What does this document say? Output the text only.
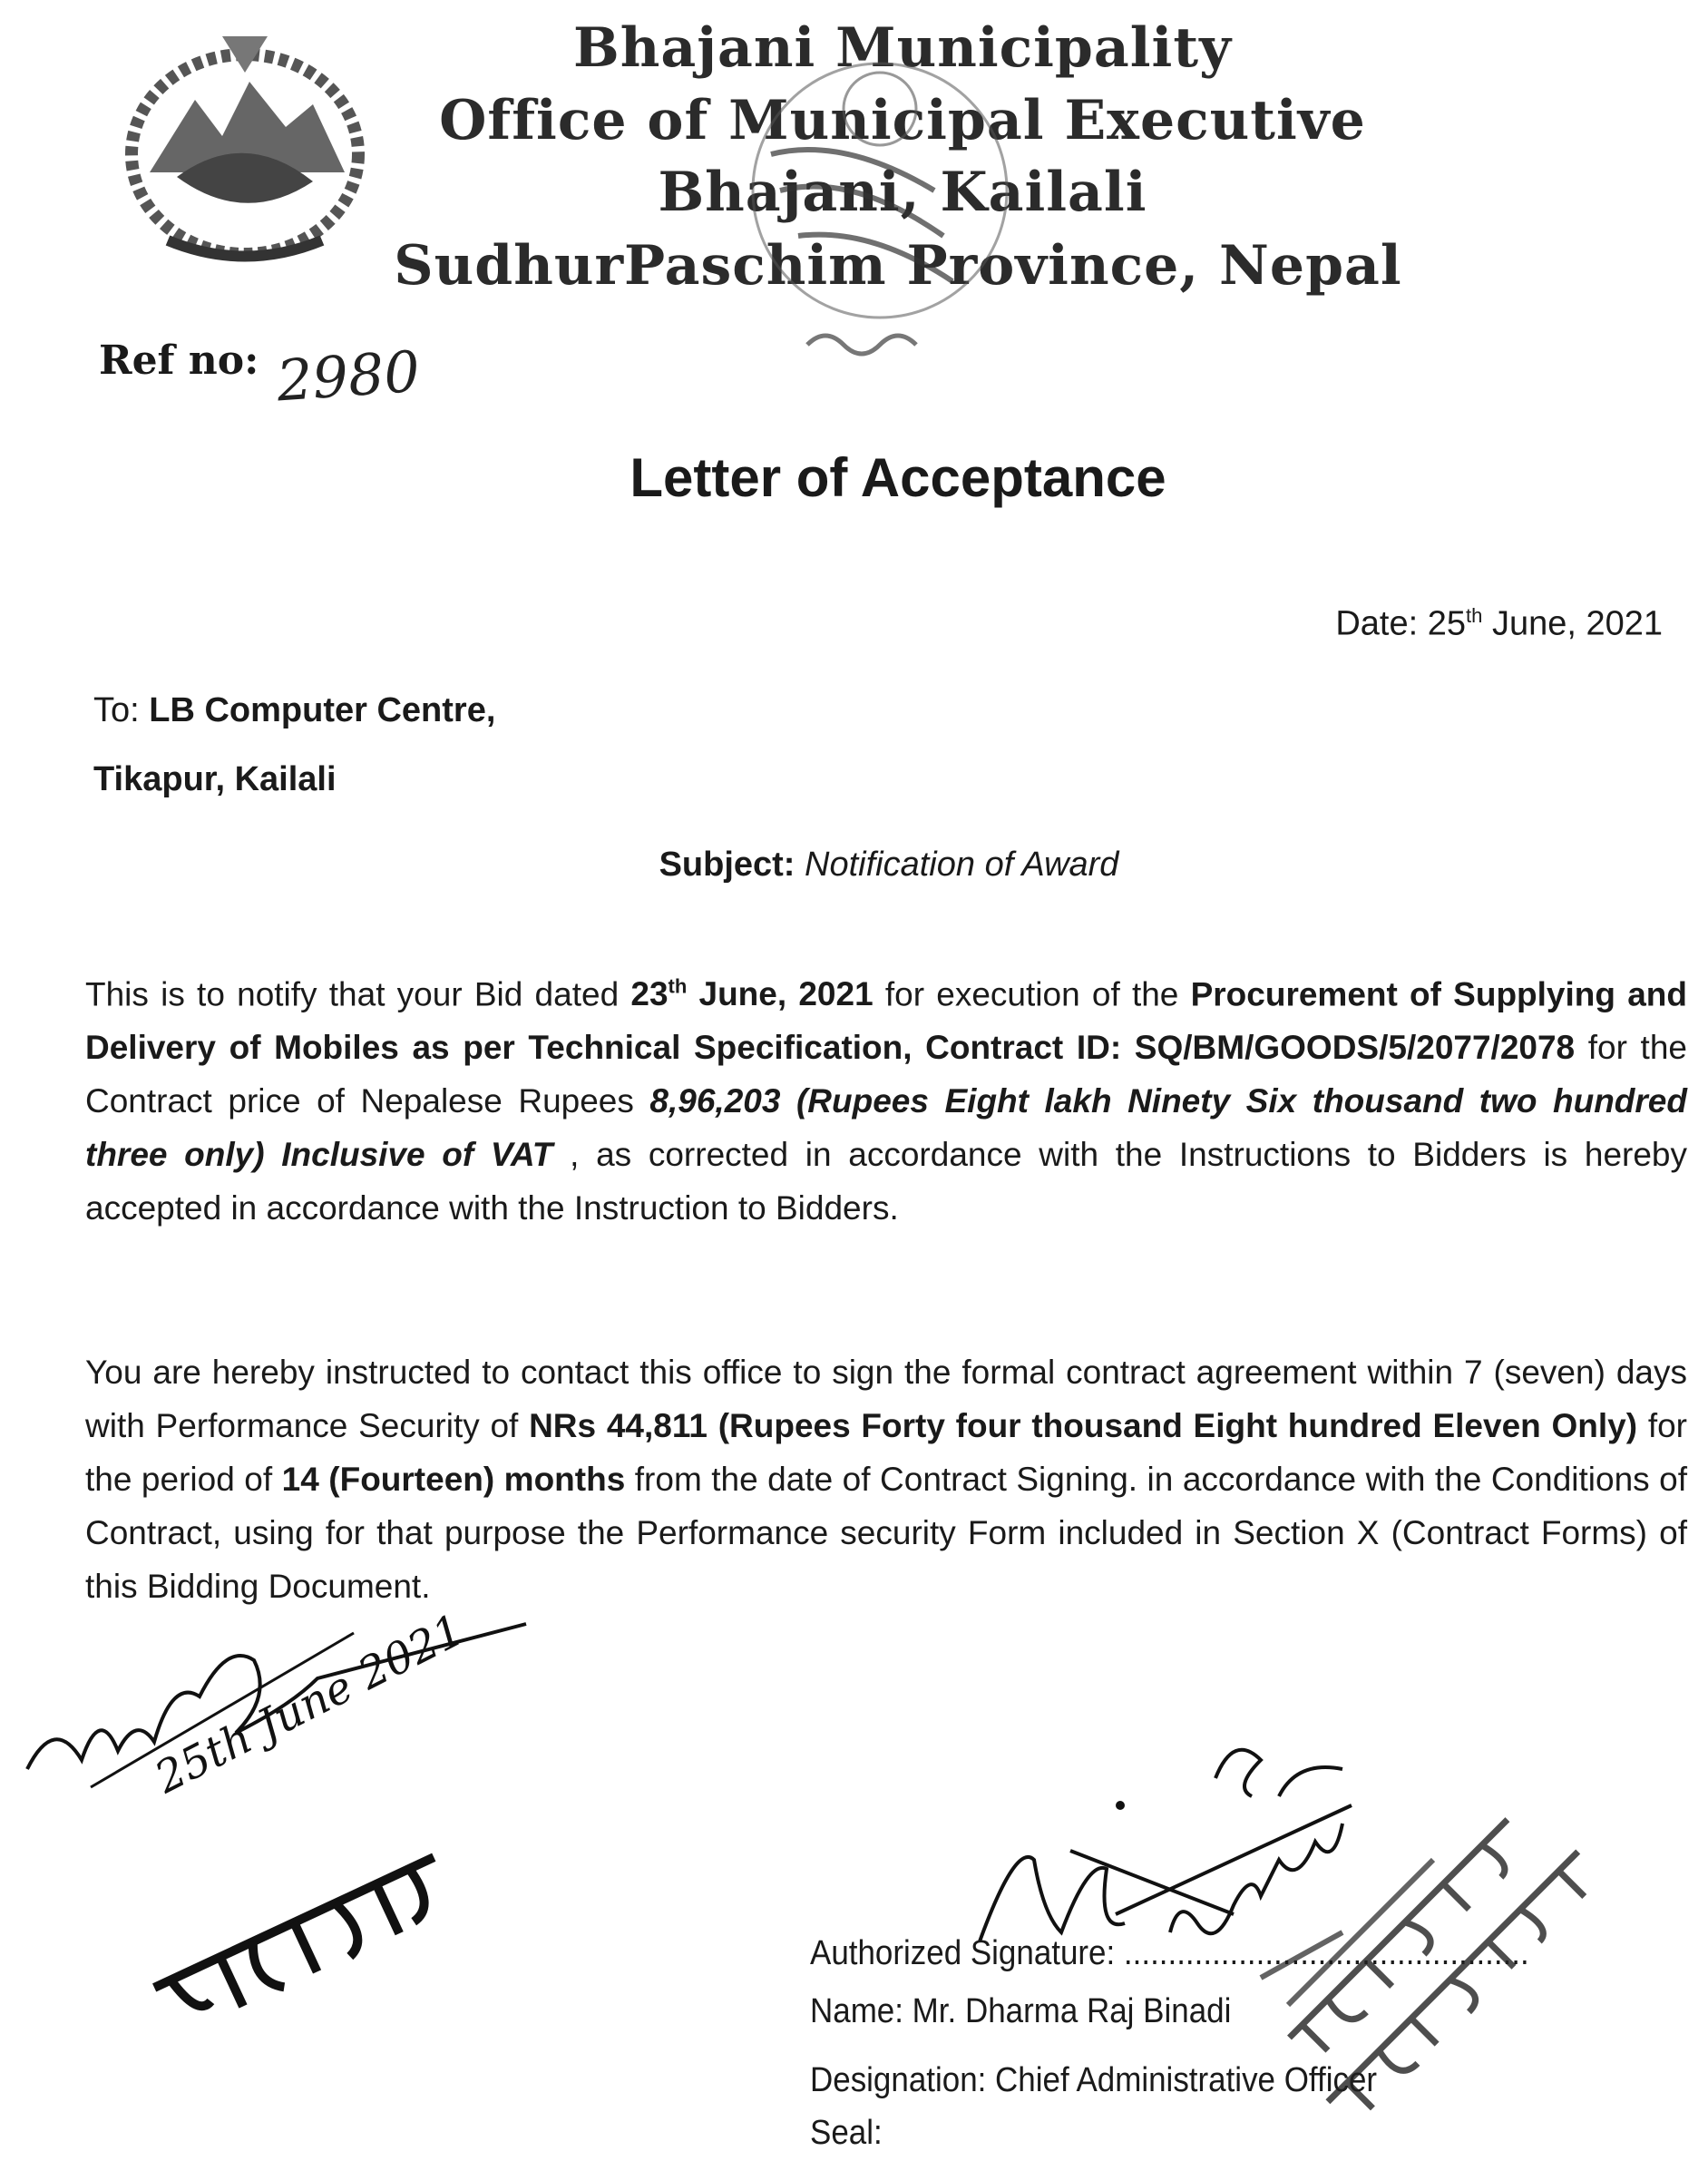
Bhajani Municipality
Office of Municipal Executive
Bhajani, Kailali
SudhurPaschim Province, Nepal
Ref no: 2980
Letter of Acceptance
Date: 25th June, 2021
To: LB Computer Centre,
Tikapur, Kailali
Subject: Notification of Award
This is to notify that your Bid dated 23th June, 2021 for execution of the Procurement of Supplying and Delivery of Mobiles as per Technical Specification, Contract ID: SQ/BM/GOODS/5/2077/2078 for the Contract price of Nepalese Rupees 8,96,203 (Rupees Eight lakh Ninety Six thousand two hundred three only) Inclusive of VAT , as corrected in accordance with the Instructions to Bidders is hereby accepted in accordance with the Instruction to Bidders.
You are hereby instructed to contact this office to sign the formal contract agreement within 7 (seven) days with Performance Security of NRs 44,811 (Rupees Forty four thousand Eight hundred Eleven Only) for the period of 14 (Fourteen) months from the date of Contract Signing. in accordance with the Conditions of Contract, using for that purpose the Performance security Form included in Section X (Contract Forms) of this Bidding Document.
25th June 2021
Authorized Signature: ..............................................
Name: Mr. Dharma Raj Binadi
Designation: Chief Administrative Officer
Seal:
